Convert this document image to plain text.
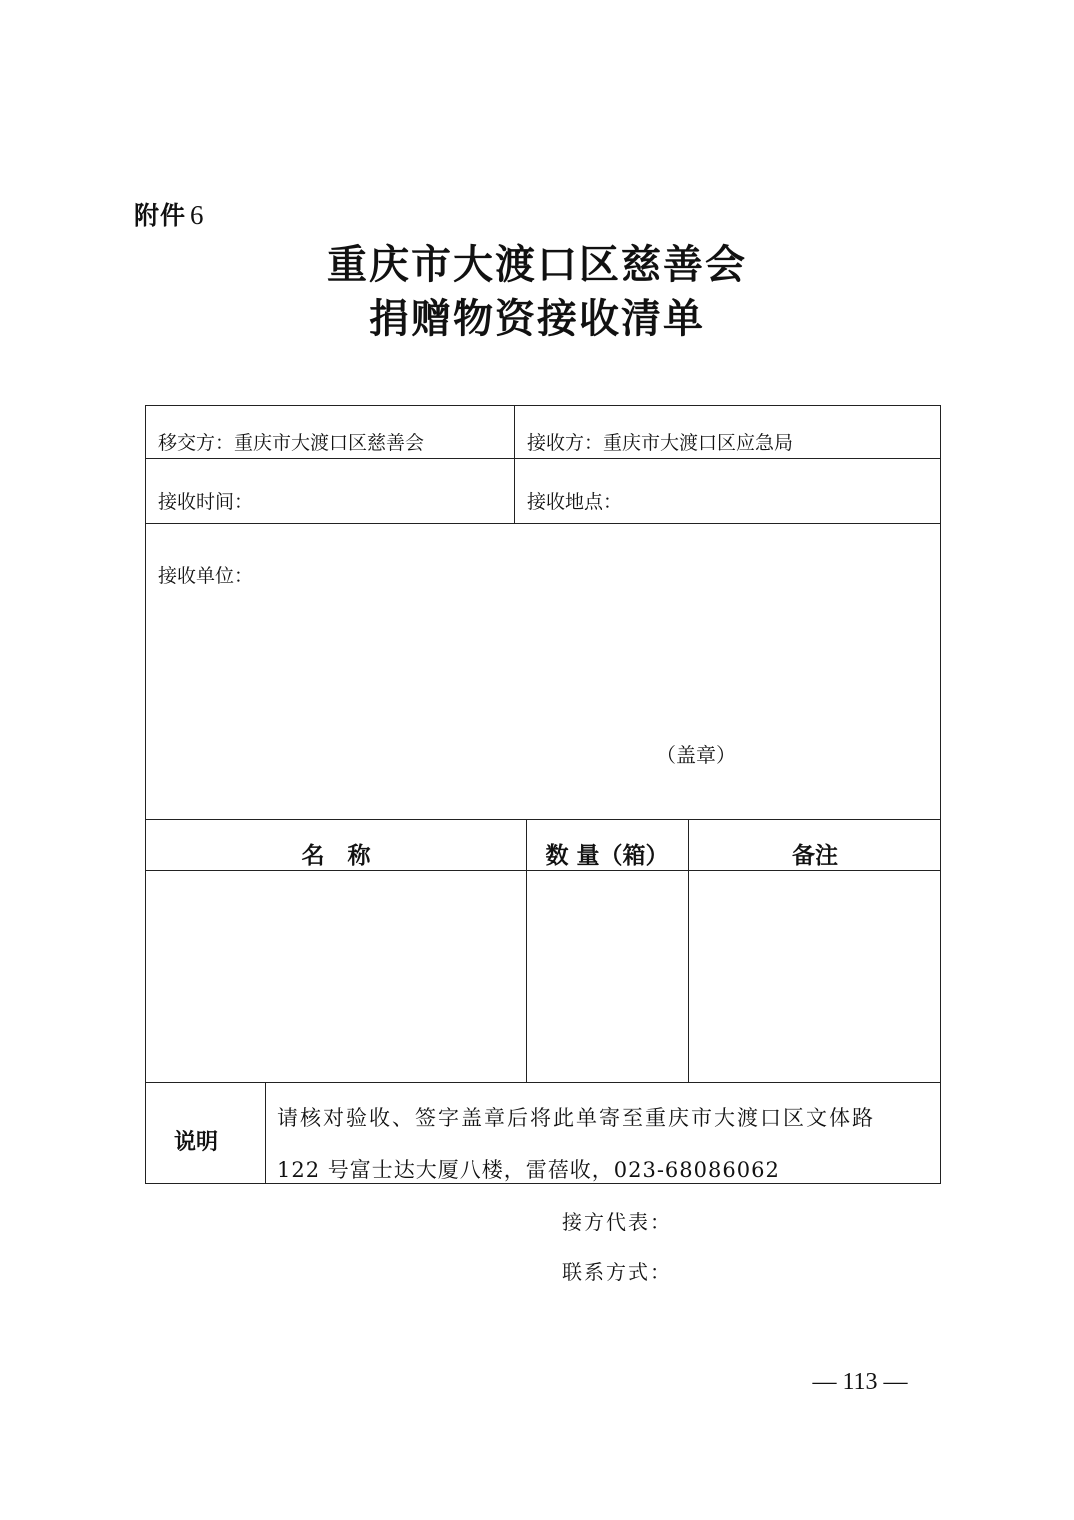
附件 6
重庆市大渡口区慈善会
捐赠物资接收清单
移交方：重庆市大渡口区慈善会	接收方：重庆市大渡口区应急局
接收时间：	接收地点：
接收单位：
（盖章）
名　称	数 量（箱）	备注
说明
请核对验收、签字盖章后将此单寄至重庆市大渡口区文体路
122 号富士达大厦八楼，雷蓓收，023-68086062
接方代表：
联系方式：
— 113 —
